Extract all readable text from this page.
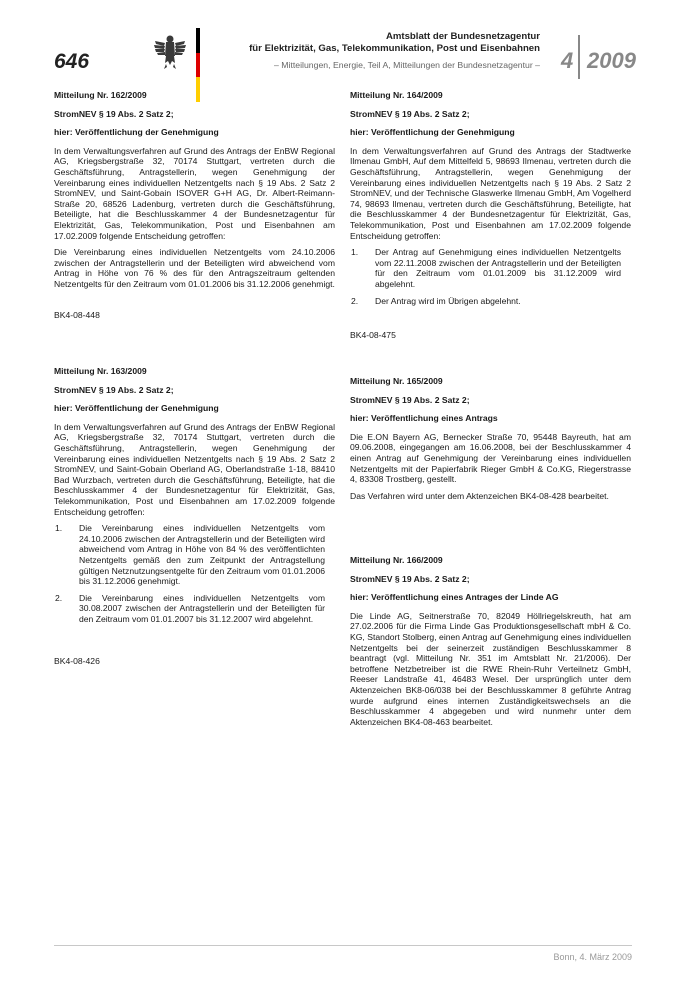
646
Amtsblatt der Bundesnetzagentur
für Elektrizität, Gas, Telekommunikation, Post und Eisenbahnen
– Mitteilungen, Energie, Teil A, Mitteilungen der Bundesnetzagentur – 4 2009

Mitteilung Nr. 162/2009

StromNEV § 19 Abs. 2 Satz 2;

hier: Veröffentlichung der Genehmigung

In dem Verwaltungsverfahren auf Grund des Antrags der EnBW Regional AG, Kriegsbergstraße 32, 70174 Stuttgart, vertreten durch die Geschäftsführung, Antragstellerin, wegen Genehmigung der Vereinbarung eines individuellen Netzentgelts nach § 19 Abs. 2 Satz 2 StromNEV, und Saint-Gobain ISOVER G+H AG, Dr. Albert-Reimann-Straße 20, 68526 Ladenburg, vertreten durch die Geschäftsführung, Beteiligte, hat die Beschlusskammer 4 der Bundesnetzagentur für Elektrizität, Gas, Telekommunikation, Post und Eisenbahnen am 17.02.2009 folgende Entscheidung getroffen:

Die Vereinbarung eines individuellen Netzentgelts vom 24.10.2006 zwischen der Antragstellerin und der Beteiligten wird abweichend vom Antrag in Höhe von 76 % des für den Antragszeitraum geltenden Netzentgelts für den Zeitraum vom 01.01.2006 bis 31.12.2006 genehmigt.

BK4-08-448

Mitteilung Nr. 163/2009

StromNEV § 19 Abs. 2 Satz 2;

hier: Veröffentlichung der Genehmigung

In dem Verwaltungsverfahren auf Grund des Antrags der EnBW Regional AG, Kriegsbergstraße 32, 70174 Stuttgart, vertreten durch die Geschäftsführung, Antragstellerin, wegen Genehmigung der Vereinbarung eines individuellen Netzentgelts nach § 19 Abs. 2 Satz 2 StromNEV, und Saint-Gobain Oberland AG, Oberlandstraße 1-18, 88410 Bad Wurzbach, vertreten durch die Geschäftsführung, Beteiligte, hat die Beschlusskammer 4 der Bundesnetzagentur für Elektrizität, Gas, Telekommunikation, Post und Eisenbahnen am 17.02.2009 folgende Entscheidung getroffen:

1.	Die Vereinbarung eines individuellen Netzentgelts vom 24.10.2006 zwischen der Antragstellerin und der Beteiligten wird abweichend vom Antrag in Höhe von 84 % des veröffentlichten Netzentgelts gemäß den zum Zeitpunkt der Antragstellung gültigen Netznutzungsentgelte für den Zeitraum vom 01.01.2006 bis 31.12.2006 genehmigt.
2.	Die Vereinbarung eines individuellen Netzentgelts vom 30.08.2007 zwischen der Antragstellerin und der Beteiligten für den Zeitraum vom 01.01.2007 bis 31.12.2007 wird abgelehnt.

BK4-08-426

Mitteilung Nr. 164/2009

StromNEV § 19 Abs. 2 Satz 2;

hier: Veröffentlichung der Genehmigung

In dem Verwaltungsverfahren auf Grund des Antrags der Stadtwerke Ilmenau GmbH, Auf dem Mittelfeld 5, 98693 Ilmenau, vertreten durch die Geschäftsführung, Antragstellerin, wegen Genehmigung der Vereinbarung eines individuellen Netzentgelts nach § 19 Abs. 2 Satz 2 StromNEV, und der Technische Glaswerke Ilmenau GmbH, Am Vogelherd 74, 98693 Ilmenau, vertreten durch die Geschäftsführung, Beteiligte, hat die Beschlusskammer 4 der Bundesnetzagentur für Elektrizität, Gas, Telekommunikation, Post und Eisenbahnen am 17.02.2009 folgende Entscheidung getroffen:

1.	Der Antrag auf Genehmigung eines individuellen Netzentgelts vom 22.11.2008 zwischen der Antragstellerin und der Beteiligten für den Zeitraum vom 01.01.2009 bis 31.12.2009 wird abgelehnt.
2.	Der Antrag wird im Übrigen abgelehnt.

BK4-08-475

Mitteilung Nr. 165/2009

StromNEV § 19 Abs. 2 Satz 2;

hier: Veröffentlichung eines Antrags

Die E.ON Bayern AG, Bernecker Straße 70, 95448 Bayreuth, hat am 09.06.2008, eingegangen am 16.06.2008, bei der Beschlusskammer 4 einen Antrag auf Genehmigung der Vereinbarung eines individuellen Netzentgelts mit der Papierfabrik Rieger GmbH & Co.KG, Riegerstrasse 4, 83308 Trostberg, gestellt.

Das Verfahren wird unter dem Aktenzeichen BK4-08-428 bearbeitet.

Mitteilung Nr. 166/2009

StromNEV § 19 Abs. 2 Satz 2;

hier: Veröffentlichung eines Antrages der Linde AG

Die Linde AG, Seitnerstraße 70, 82049 Höllriegelskreuth, hat am 27.02.2006 für die Firma Linde Gas Produktionsgesellschaft mbH & Co. KG, Standort Stolberg, einen Antrag auf Genehmigung eines individuellen Netzentgelts bei der seinerzeit zuständigen Beschlusskammer 8 beantragt (vgl. Mitteilung Nr. 351 im Amtsblatt Nr. 21/2006). Der betroffene Netzbetreiber ist die RWE Rhein-Ruhr Verteilnetz GmbH, Reeser Landstraße 41, 46483 Wesel. Der ursprünglich unter dem Aktenzeichen BK8-06/038 bei der Beschlusskammer 8 geführte Antrag wurde aufgrund eines internen Zuständigkeitswechsels an die Beschlusskammer 4 abgegeben und wird nunmehr unter dem Aktenzeichen BK4-08-463 bearbeitet.

Bonn, 4. März 2009
